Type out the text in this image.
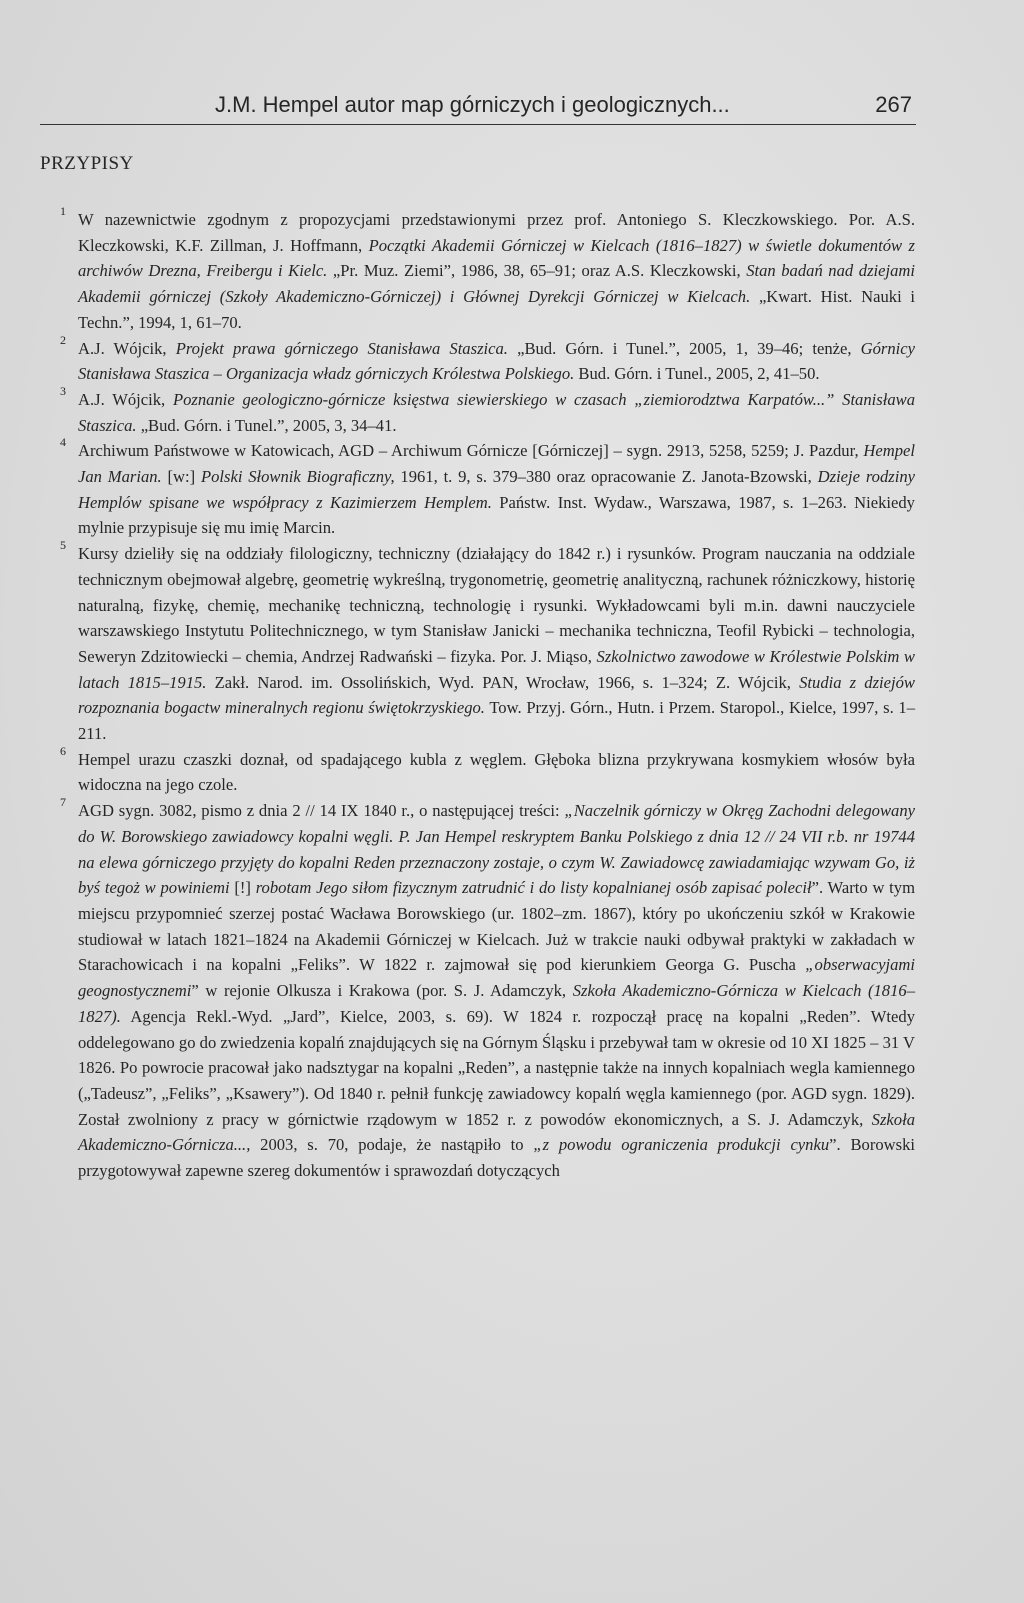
J.M. Hempel autor map górniczych i geologicznych...	267
PRZYPISY

1 W nazewnictwie zgodnym z propozycjami przedstawionymi przez prof. Antoniego S. Kleczkowskiego. Por. A.S. Kleczkowski, K.F. Zillman, J. Hoffmann, Początki Akademii Górniczej w Kielcach (1816–1827) w świetle dokumentów z archiwów Drezna, Freibergu i Kielc. „Pr. Muz. Ziemi”, 1986, 38, 65–91; oraz A.S. Kleczkowski, Stan badań nad dziejami Akademii górniczej (Szkoły Akademiczno-Górniczej) i Głównej Dyrekcji Górniczej w Kielcach. „Kwart. Hist. Nauki i Techn.”, 1994, 1, 61–70.

2 A.J. Wójcik, Projekt prawa górniczego Stanisława Staszica. „Bud. Górn. i Tunel.”, 2005, 1, 39–46; tenże, Górnicy Stanisława Staszica – Organizacja władz górniczych Królestwa Polskiego. Bud. Górn. i Tunel., 2005, 2, 41–50.

3 A.J. Wójcik, Poznanie geologiczno-górnicze księstwa siewierskiego w czasach „ziemiorodztwa Karpatów...” Stanisława Staszica. „Bud. Górn. i Tunel.”, 2005, 3, 34–41.

4 Archiwum Państwowe w Katowicach, AGD – Archiwum Górnicze [Górniczej] – sygn. 2913, 5258, 5259; J. Pazdur, Hempel Jan Marian. [w:] Polski Słownik Biograficzny, 1961, t. 9, s. 379–380 oraz opracowanie Z. Janota-Bzowski, Dzieje rodziny Hemplów spisane we współpracy z Kazimierzem Hemplem. Państw. Inst. Wydaw., Warszawa, 1987, s. 1–263. Niekiedy mylnie przypisuje się mu imię Marcin.

5 Kursy dzieliły się na oddziały filologiczny, techniczny (działający do 1842 r.) i rysunków. Program nauczania na oddziale technicznym obejmował algebrę, geometrię wykreślną, trygonometrię, geometrię analityczną, rachunek różniczkowy, historię naturalną, fizykę, chemię, mechanikę techniczną, technologię i rysunki. Wykładowcami byli m.in. dawni nauczyciele warszawskiego Instytutu Politechnicznego, w tym Stanisław Janicki – mechanika techniczna, Teofil Rybicki – technologia, Seweryn Zdzitowiecki – chemia, Andrzej Radwański – fizyka. Por. J. Miąso, Szkolnictwo zawodowe w Królestwie Polskim w latach 1815–1915. Zakł. Narod. im. Ossolińskich, Wyd. PAN, Wrocław, 1966, s. 1–324; Z. Wójcik, Studia z dziejów rozpoznania bogactw mineralnych regionu świętokrzyskiego. Tow. Przyj. Górn., Hutn. i Przem. Staropol., Kielce, 1997, s. 1–211.

6 Hempel urazu czaszki doznał, od spadającego kubla z węglem. Głęboka blizna przykrywana kosmykiem włosów była widoczna na jego czole.

7 AGD sygn. 3082, pismo z dnia 2 // 14 IX 1840 r., o następującej treści: „Naczelnik górniczy w Okręg Zachodni delegowany do W. Borowskiego zawiadowcy kopalni węgli. P. Jan Hempel reskryptem Banku Polskiego z dnia 12 // 24 VII r.b. nr 19744 na elewa górniczego przyjęty do kopalni Reden przeznaczony zostaje, o czym W. Zawiadowcę zawiadamiając wzywam Go, iż byś tegoż w powiniemi [!] robotam Jego siłom fizycznym zatrudnić i do listy kopalnianej osób zapisać polecił”. Warto w tym miejscu przypomnieć szerzej postać Wacława Borowskiego (ur. 1802–zm. 1867), który po ukończeniu szkół w Krakowie studiował w latach 1821–1824 na Akademii Górniczej w Kielcach. Już w trakcie nauki odbywał praktyki w zakładach w Starachowicach i na kopalni „Feliks”. W 1822 r. zajmował się pod kierunkiem Georga G. Puscha „obserwacyjami geognostycznemi” w rejonie Olkusza i Krakowa (por. S. J. Adamczyk, Szkoła Akademiczno-Górnicza w Kielcach (1816–1827). Agencja Rekl.-Wyd. „Jard”, Kielce, 2003, s. 69). W 1824 r. rozpoczął pracę na kopalni „Reden”. Wtedy oddelegowano go do zwiedzenia kopalń znajdujących się na Górnym Śląsku i przebywał tam w okresie od 10 XI 1825 – 31 V 1826. Po powrocie pracował jako nadsztygar na kopalni „Reden”, a następnie także na innych kopalniach wegla kamiennego („Tadeusz”, „Feliks”, „Ksawery”). Od 1840 r. pełnił funkcję zawiadowcy kopalń węgla kamiennego (por. AGD sygn. 1829). Został zwolniony z pracy w górnictwie rządowym w 1852 r. z powodów ekonomicznych, a S. J. Adamczyk, Szkoła Akademiczno-Górnicza..., 2003, s. 70, podaje, że nastąpiło to „z powodu ograniczenia produkcji cynku”. Borowski przygotowywał zapewne szereg dokumentów i sprawozdań dotyczących
